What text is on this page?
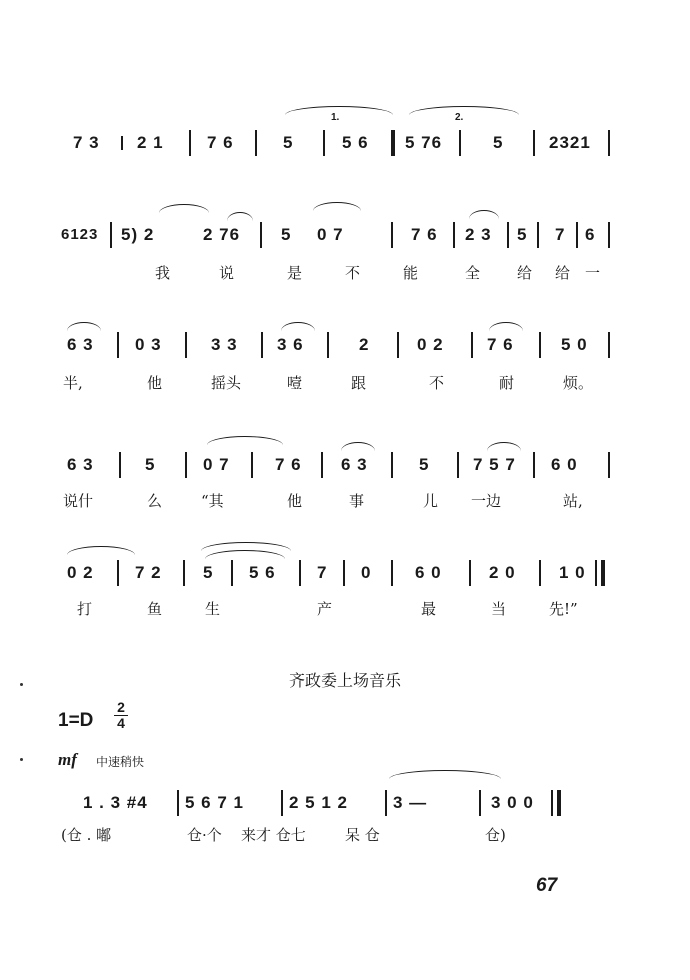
7 3 2 1	7 6	5	5 6 5 76	5	2321
1.	2.
6123 5) 2	2 76 5 0 7	7 6 2 3 5 7 6
我	说	是	不	能	全 给 给 一
6 3 0 3	3 3 3 6	2	0 2	7 6	5 0
半,	他	摇头	噎	跟	不	耐	烦。
6 3	5	0 7	7 6 6 3	5	7 5 7 6 0
说什	么	“其	他	事	儿 一边	站,
0 2 7 2 5 5 6 7 0	6 0	2 0	1 0
打	鱼	生	产	最	当	先!”
齐政委上场音乐
1=D
2
4
mf 中速稍快
1 . 3 #4 5 6 7 1	2 5 1 2	3 —	3 0 0
(仓 . 嘟	仓·个 来才 仓七	呆 仓	仓)
67
